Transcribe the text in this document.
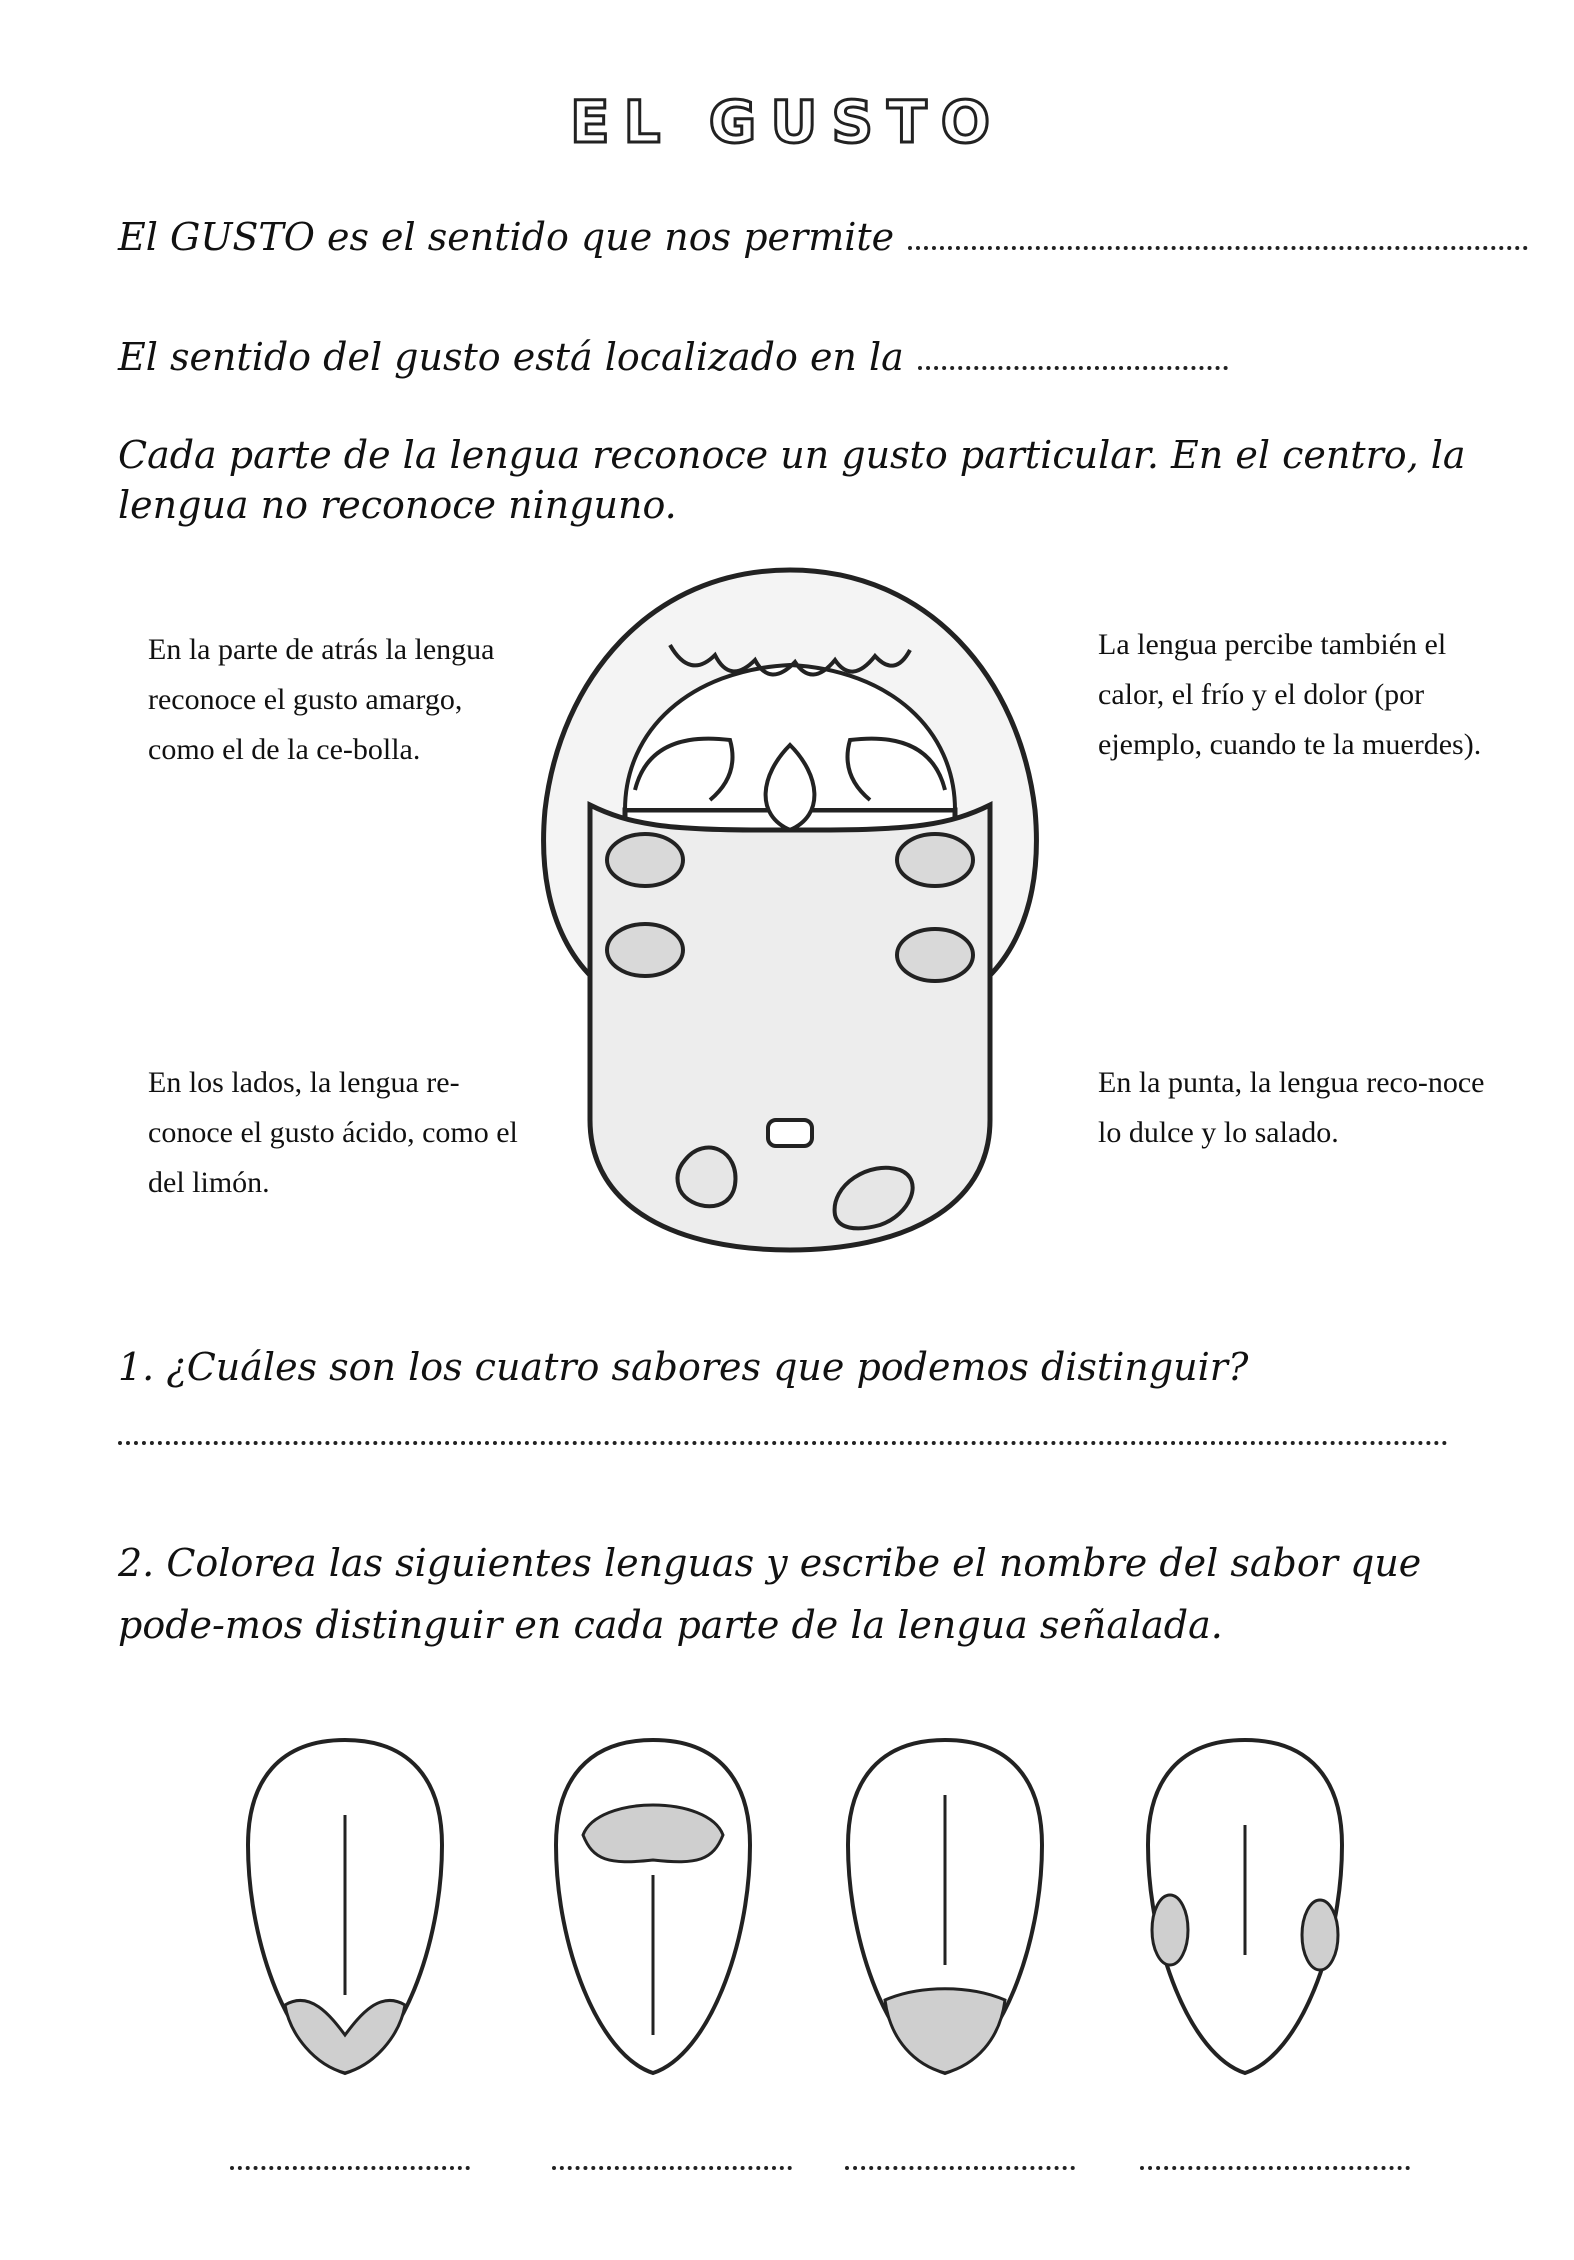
EL GUSTO
El GUSTO es el sentido que nos permite
El sentido del gusto está localizado en la
Cada parte de la lengua reconoce un gusto particular. En el centro, la lengua no reconoce ninguno.
En la parte de atrás la lengua reconoce el gusto amargo, como el de la ce-bolla.
La lengua percibe también el calor, el frío y el dolor (por ejemplo, cuando te la muerdes).
En los lados, la lengua re-conoce el gusto ácido, como el del limón.
En la punta, la lengua reco-noce lo dulce y lo salado.
1. ¿Cuáles son los cuatro sabores que podemos distinguir?
2. Colorea las siguientes lenguas y escribe el nombre del sabor que pode-mos distinguir en cada parte de la lengua señalada.
